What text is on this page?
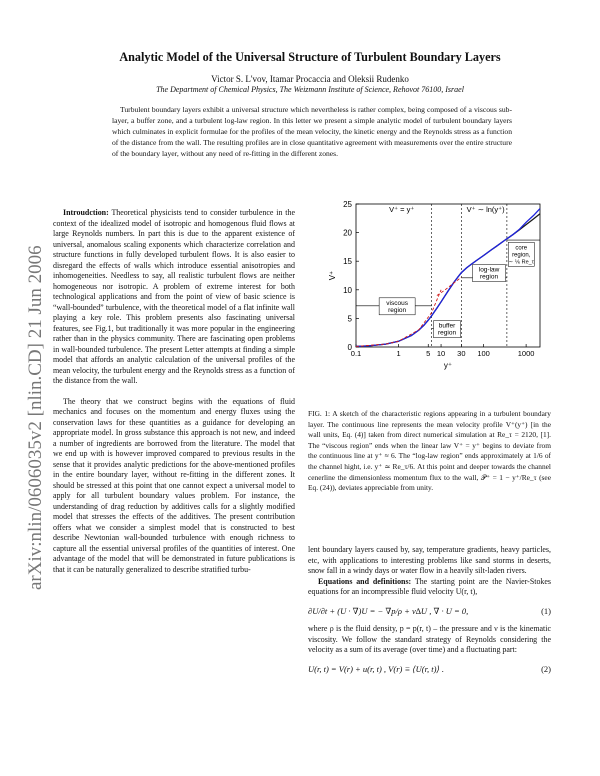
Analytic Model of the Universal Structure of Turbulent Boundary Layers
Victor S. L'vov, Itamar Procaccia and Oleksii Rudenko
The Department of Chemical Physics, The Weizmann Institute of Science, Rehovot 76100, Israel
Turbulent boundary layers exhibit a universal structure which nevertheless is rather complex, being composed of a viscous sub-layer, a buffer zone, and a turbulent log-law region. In this letter we present a simple analytic model of turbulent boundary layers which culminates in explicit formulae for the profiles of the mean velocity, the kinetic energy and the Reynolds stress as a function of the distance from the wall. The resulting profiles are in close quantitative agreement with measurements over the entire structure of the boundary layer, without any need of re-fitting in the different zones.
arXiv:nlin/0606035v2 [nlin.CD] 21 Jun 2006

Introudction: Theoretical physicists tend to consider turbulence in the context of the idealized model of isotropic and homogenous fluid flows at large Reynolds numbers. In part this is due to the apparent existence of universal, anomalous scaling exponents which characterize correlation and structure functions in fully developed turbulent flows. It is also easier to disregard the effects of walls which introduce essential anisotropies and inhomogeneities. Needless to say, all realistic turbulent flows are neither homogeneous nor isotropic. A problem of extreme interest for both technological applications and from the point of view of basic science is “wall-bounded” turbulence, with the theoretical model of a flat infinite wall playing a key role. This problem presents also fascinating universal features, see Fig.1, but traditionally it was more popular in the engineering rather than in the physics community. There are fascinating open problems in wall-bounded turbulence. The present Letter attempts at finding a simple model that affords an analytic calculation of the universal profiles of the mean velocity, the turbulent energy and the Reynolds stress as a function of the distance from the wall.

The theory that we construct begins with the equations of fluid mechanics and focuses on the momentum and energy fluxes using the conservation laws for these quantities as a guidance for developing an appropriate model. In gross substance this approach is not new, and indeed a number of ingredients are borrowed from the literature. The model that we end up with is however improved compared to previous results in the sense that it provides analytic predictions for the above-mentioned profiles in the entire boundary layer, without re-fitting in the different zones. It should be stressed at this point that one cannot expect a universal model to apply for all turbulent boundary values problem. For instance, the understanding of drag reduction by additives calls for a slightly modified model that stresses the effects of the additives. The present contribution offers what we consider a simplest model that is constructed to best describe Newtonian wall-bounded turbulence with enough richness to capture all the essential universal profiles of the quantities of interest. One advantage of the model that will be demonstrated in future publications is that it can be naturally generalized to describe stratified turbu-

0
5
10
15
20
25
0.1	1	5 10 30 100	1000
y⁺
V⁺
V⁺ = y⁺	V⁺ ∼ ln(y⁺)
viscous
region
buffer
region
log-law
region
core
region,
∼ ⅙ Re_τ
FIG. 1: A sketch of the characteristic regions appearing in a turbulent boundary layer. The continuous line represents the mean velocity profile V⁺(y⁺) [in the wall units, Eq. (4)] taken from direct numerical simulation at Re_τ = 2120, [1]. The “viscous region” ends when the linear law V⁺ = y⁺ begins to deviate from the continuous line at y⁺ ≈ 6. The “log-law region” ends approximately at 1/6 of the channel hight, i.e. y⁺ ≃ Re_τ/6. At this point and deeper towards the channel cenerline the dimensionless momentum flux to the wall, 𝒫⁺ = 1 − y⁺/Re_τ (see Eq. (24)), deviates appreciable from unity.

lent boundary layers caused by, say, temperature gradients, heavy particles, etc, with applications to interesting problems like sand storms in deserts, snow fall in a windy days or water flow in a heavily silt-laden rivers.

Equations and definitions: The starting point are the Navier-Stokes equations for an incompressible fluid velocity U(r, t),

∂U/∂t + (U · ∇)U = − ∇p/ρ + ν∆U , ∇ · U = 0,	(1)

where ρ is the fluid density, p = p(r, t) – the pressure and ν is the kinematic viscosity. We follow the standard strategy of Reynolds considering the velocity as a sum of its average (over time) and a fluctuating part:

U(r, t) = V(r) + u(r, t) , V(r) ≡ ⟨U(r, t)⟩ .	(2)
